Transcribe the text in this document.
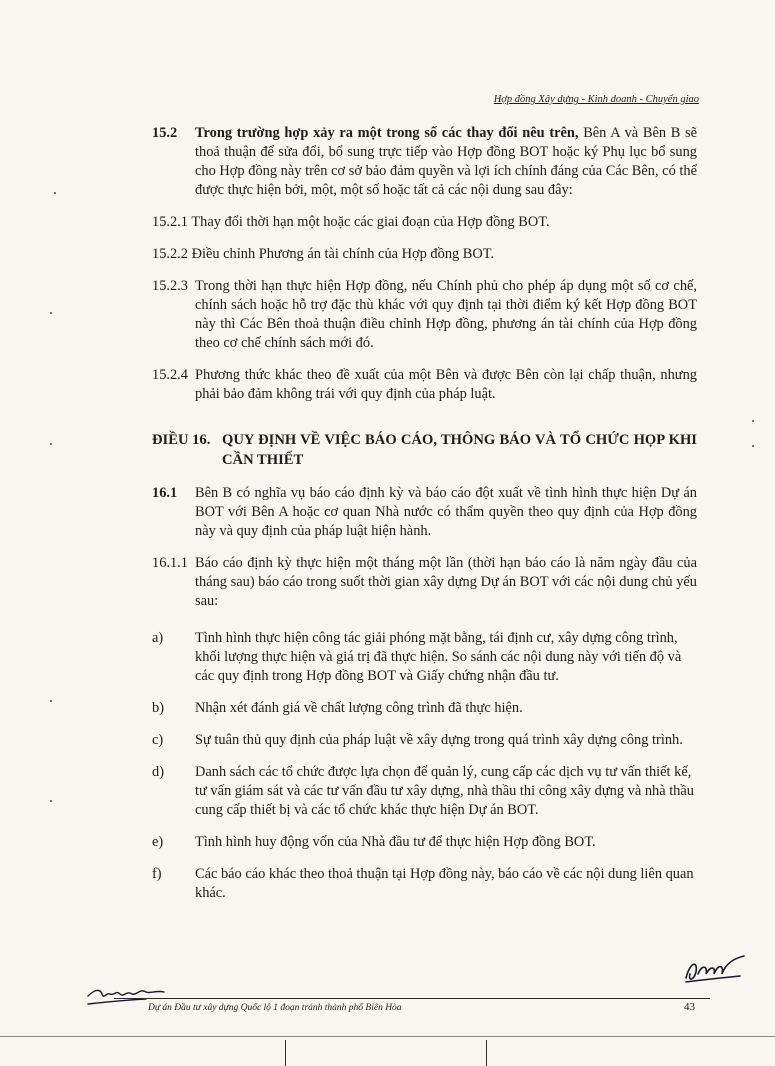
Hợp đồng Xây dựng - Kinh doanh - Chuyển giao
15.2 Trong trường hợp xảy ra một trong số các thay đổi nêu trên, Bên A và Bên B sẽ thoả thuận để sửa đổi, bổ sung trực tiếp vào Hợp đồng BOT hoặc ký Phụ lục bổ sung cho Hợp đồng này trên cơ sở bảo đảm quyền và lợi ích chính đáng của Các Bên, có thể được thực hiện bởi, một, một số hoặc tất cả các nội dung sau đây:
15.2.1 Thay đổi thời hạn một hoặc các giai đoạn của Hợp đồng BOT.
15.2.2 Điều chỉnh Phương án tài chính của Hợp đồng BOT.
15.2.3 Trong thời hạn thực hiện Hợp đồng, nếu Chính phủ cho phép áp dụng một số cơ chế, chính sách hoặc hỗ trợ đặc thù khác với quy định tại thời điểm ký kết Hợp đồng BOT này thì Các Bên thoả thuận điều chỉnh Hợp đồng, phương án tài chính của Hợp đồng theo cơ chế chính sách mới đó.
15.2.4 Phương thức khác theo đề xuất của một Bên và được Bên còn lại chấp thuận, nhưng phải bảo đảm không trái với quy định của pháp luật.
ĐIỀU 16. QUY ĐỊNH VỀ VIỆC BÁO CÁO, THÔNG BÁO VÀ TỔ CHỨC HỌP KHI CẦN THIẾT
16.1 Bên B có nghĩa vụ báo cáo định kỳ và báo cáo đột xuất về tình hình thực hiện Dự án BOT với Bên A hoặc cơ quan Nhà nước có thẩm quyền theo quy định của Hợp đồng này và quy định của pháp luật hiện hành.
16.1.1 Báo cáo định kỳ thực hiện một tháng một lần (thời hạn báo cáo là năm ngày đầu của tháng sau) báo cáo trong suốt thời gian xây dựng Dự án BOT với các nội dung chủ yếu sau:
a) Tình hình thực hiện công tác giải phóng mặt bằng, tái định cư, xây dựng công trình, khối lượng thực hiện và giá trị đã thực hiện. So sánh các nội dung này với tiến độ và các quy định trong Hợp đồng BOT và Giấy chứng nhận đầu tư.
b) Nhận xét đánh giá về chất lượng công trình đã thực hiện.
c) Sự tuân thủ quy định của pháp luật về xây dựng trong quá trình xây dựng công trình.
d) Danh sách các tổ chức được lựa chọn để quản lý, cung cấp các dịch vụ tư vấn thiết kế, tư vấn giám sát và các tư vấn đầu tư xây dựng, nhà thầu thi công xây dựng và nhà thầu cung cấp thiết bị và các tổ chức khác thực hiện Dự án BOT.
e) Tình hình huy động vốn của Nhà đầu tư để thực hiện Hợp đồng BOT.
f) Các báo cáo khác theo thoả thuận tại Hợp đồng này, báo cáo về các nội dung liên quan khác.
Dự án Đầu tư xây dựng Quốc lộ 1 đoạn tránh thành phố Biên Hòa	43
